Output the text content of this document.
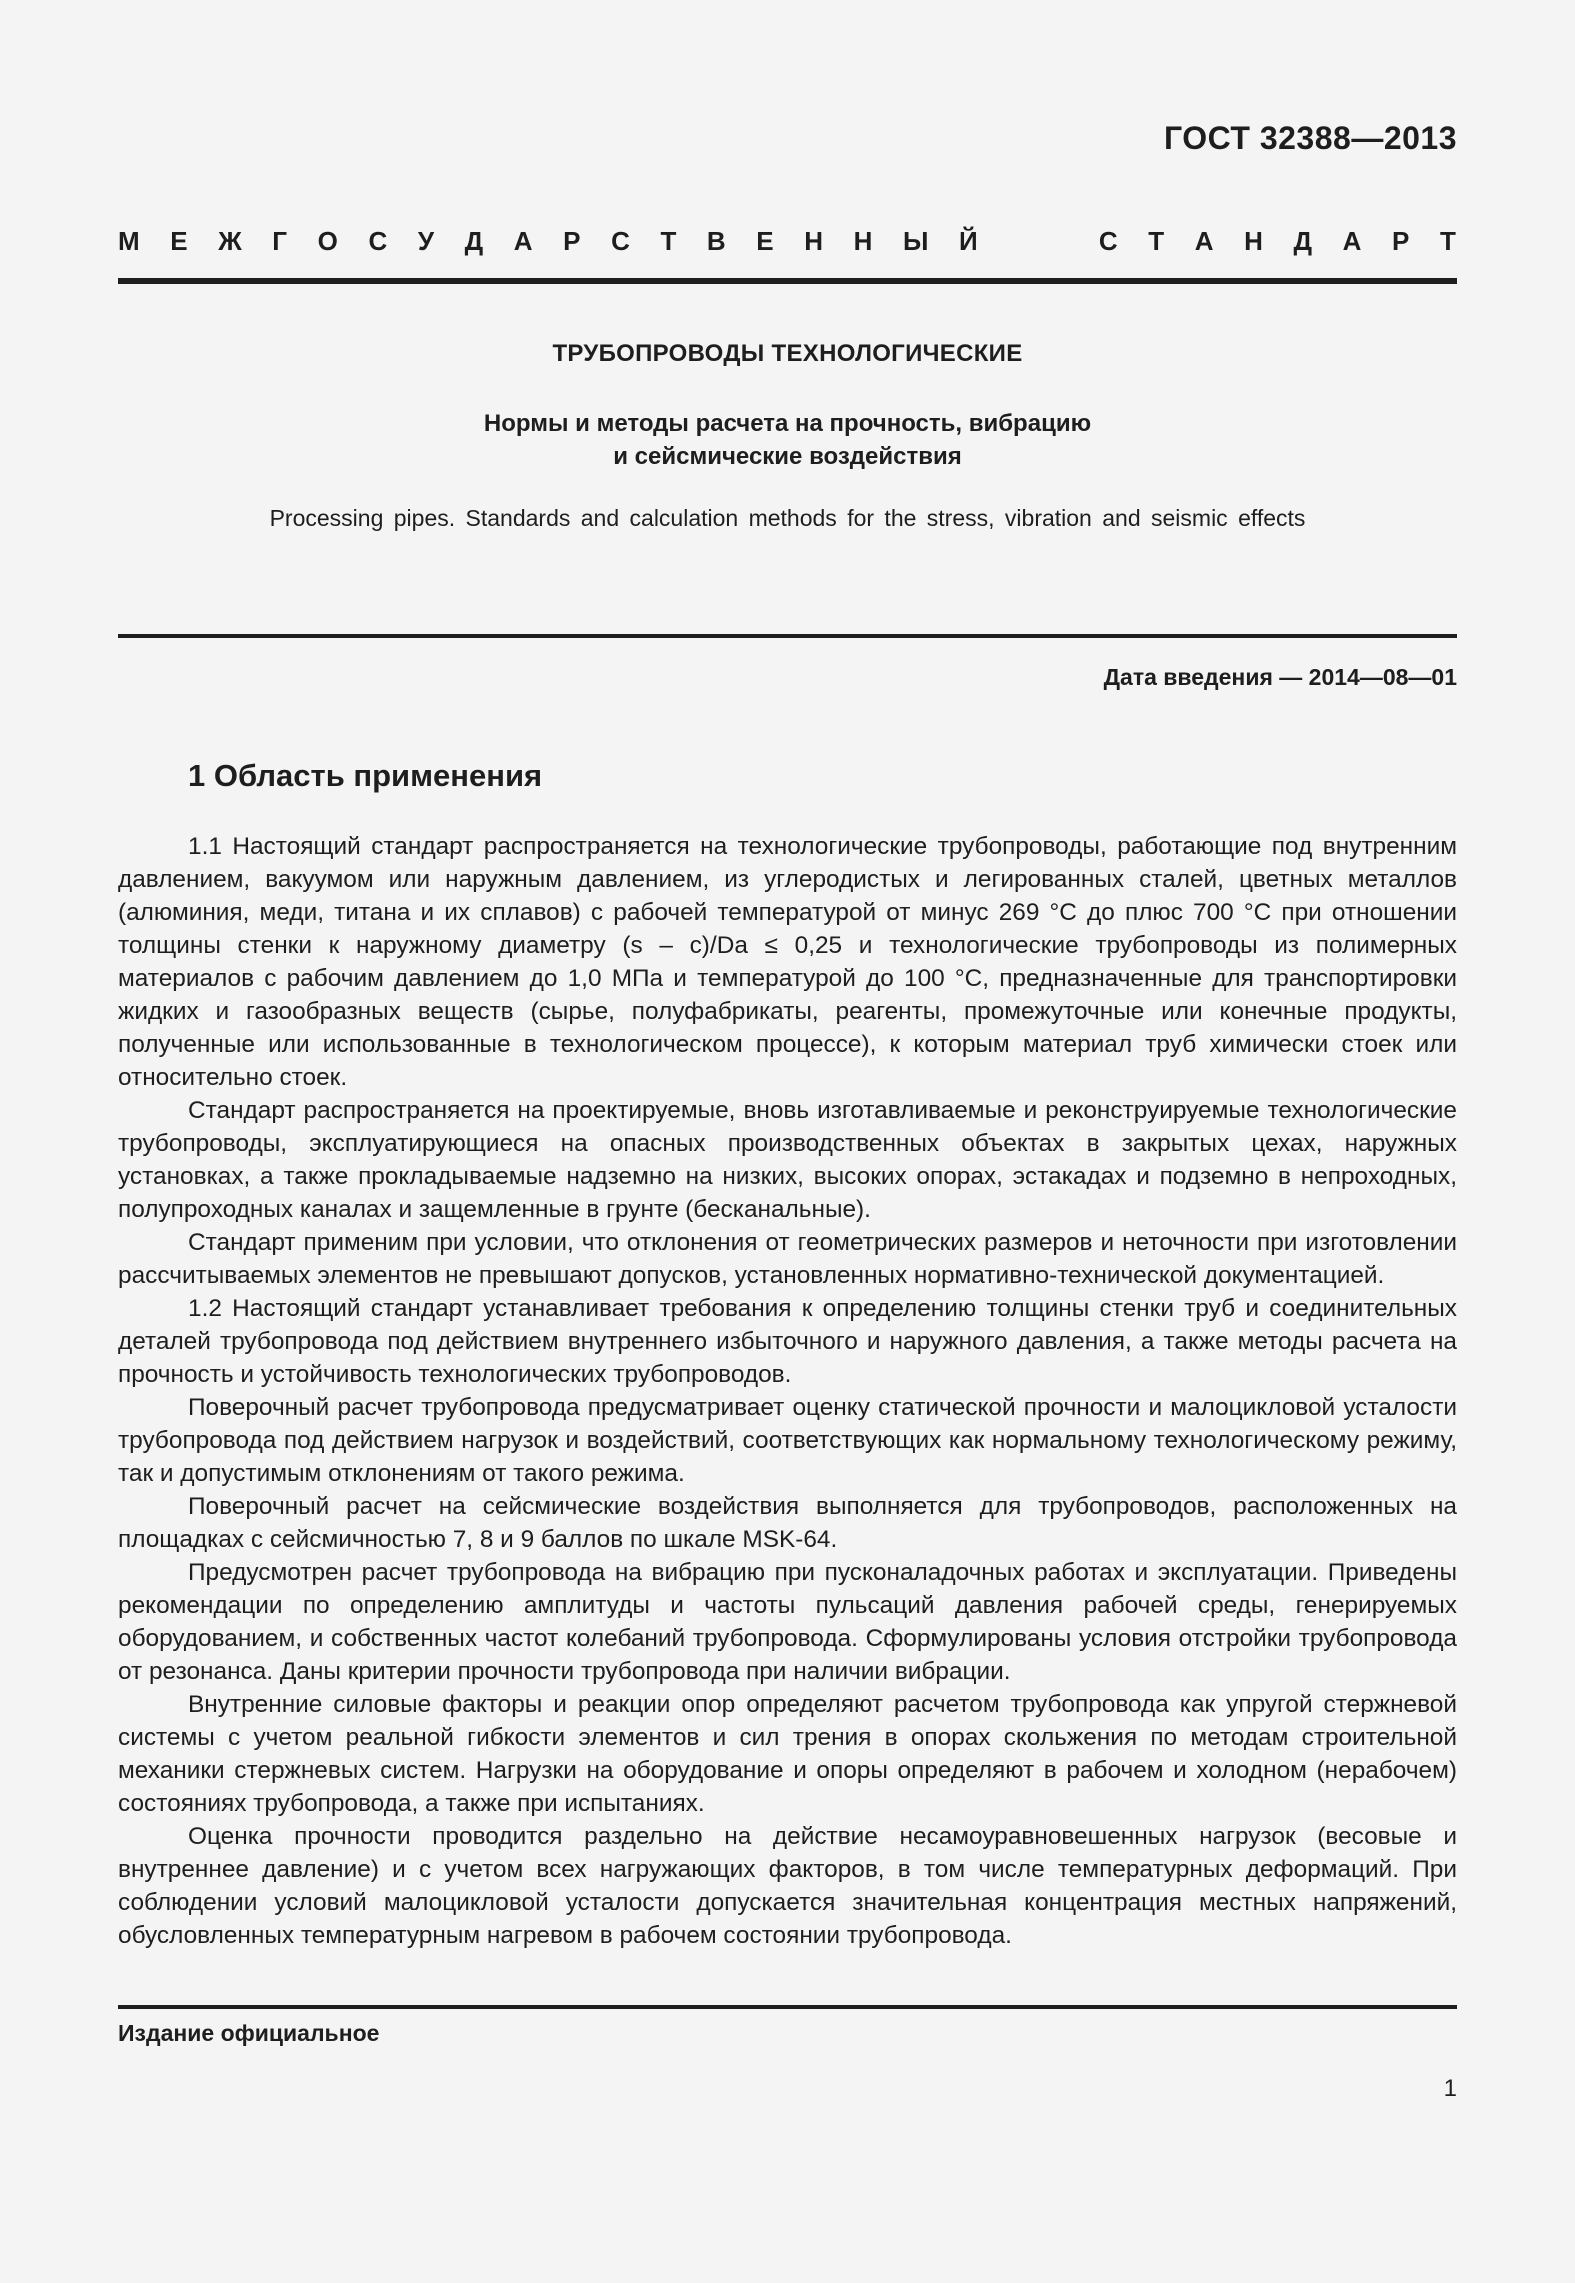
ГОСТ 32388—2013
М Е Ж Г О С У Д А Р С Т В Е Н Н Ы Й	С Т А Н Д А Р Т
ТРУБОПРОВОДЫ ТЕХНОЛОГИЧЕСКИЕ
Нормы и методы расчета на прочность, вибрацию
и сейсмические воздействия
Processing pipes. Standards and calculation methods for the stress, vibration and seismic effects
Дата введения — 2014—08—01
1 Область применения

1.1 Настоящий стандарт распространяется на технологические трубопроводы, работающие под внутренним давлением, вакуумом или наружным давлением, из углеродистых и легированных сталей, цветных металлов (алюминия, меди, титана и их сплавов) с рабочей температурой от минус 269 °С до плюс 700 °С при отношении толщины стенки к наружному диаметру (s – c)/Da ≤ 0,25 и технологические трубопроводы из полимерных материалов с рабочим давлением до 1,0 МПа и температурой до 100 °С, предназначенные для транспортировки жидких и газообразных веществ (сырье, полуфабрикаты, реагенты, промежуточные или конечные продукты, полученные или использованные в технологическом процессе), к которым материал труб химически стоек или относительно стоек.

Стандарт распространяется на проектируемые, вновь изготавливаемые и реконструируемые технологические трубопроводы, эксплуатирующиеся на опасных производственных объектах в закрытых цехах, наружных установках, а также прокладываемые надземно на низких, высоких опорах, эстакадах и подземно в непроходных, полупроходных каналах и защемленные в грунте (бесканальные).

Стандарт применим при условии, что отклонения от геометрических размеров и неточности при изготовлении рассчитываемых элементов не превышают допусков, установленных нормативно-технической документацией.

1.2 Настоящий стандарт устанавливает требования к определению толщины стенки труб и соединительных деталей трубопровода под действием внутреннего избыточного и наружного давления, а также методы расчета на прочность и устойчивость технологических трубопроводов.

Поверочный расчет трубопровода предусматривает оценку статической прочности и малоцикловой усталости трубопровода под действием нагрузок и воздействий, соответствующих как нормальному технологическому режиму, так и допустимым отклонениям от такого режима.

Поверочный расчет на сейсмические воздействия выполняется для трубопроводов, расположенных на площадках с сейсмичностью 7, 8 и 9 баллов по шкале MSK-64.

Предусмотрен расчет трубопровода на вибрацию при пусконаладочных работах и эксплуатации. Приведены рекомендации по определению амплитуды и частоты пульсаций давления рабочей среды, генерируемых оборудованием, и собственных частот колебаний трубопровода. Сформулированы условия отстройки трубопровода от резонанса. Даны критерии прочности трубопровода при наличии вибрации.

Внутренние силовые факторы и реакции опор определяют расчетом трубопровода как упругой стержневой системы с учетом реальной гибкости элементов и сил трения в опорах скольжения по методам строительной механики стержневых систем. Нагрузки на оборудование и опоры определяют в рабочем и холодном (нерабочем) состояниях трубопровода, а также при испытаниях.

Оценка прочности проводится раздельно на действие несамоуравновешенных нагрузок (весовые и внутреннее давление) и с учетом всех нагружающих факторов, в том числе температурных деформаций. При соблюдении условий малоцикловой усталости допускается значительная концентрация местных напряжений, обусловленных температурным нагревом в рабочем состоянии трубопровода.

Издание официальное
1
